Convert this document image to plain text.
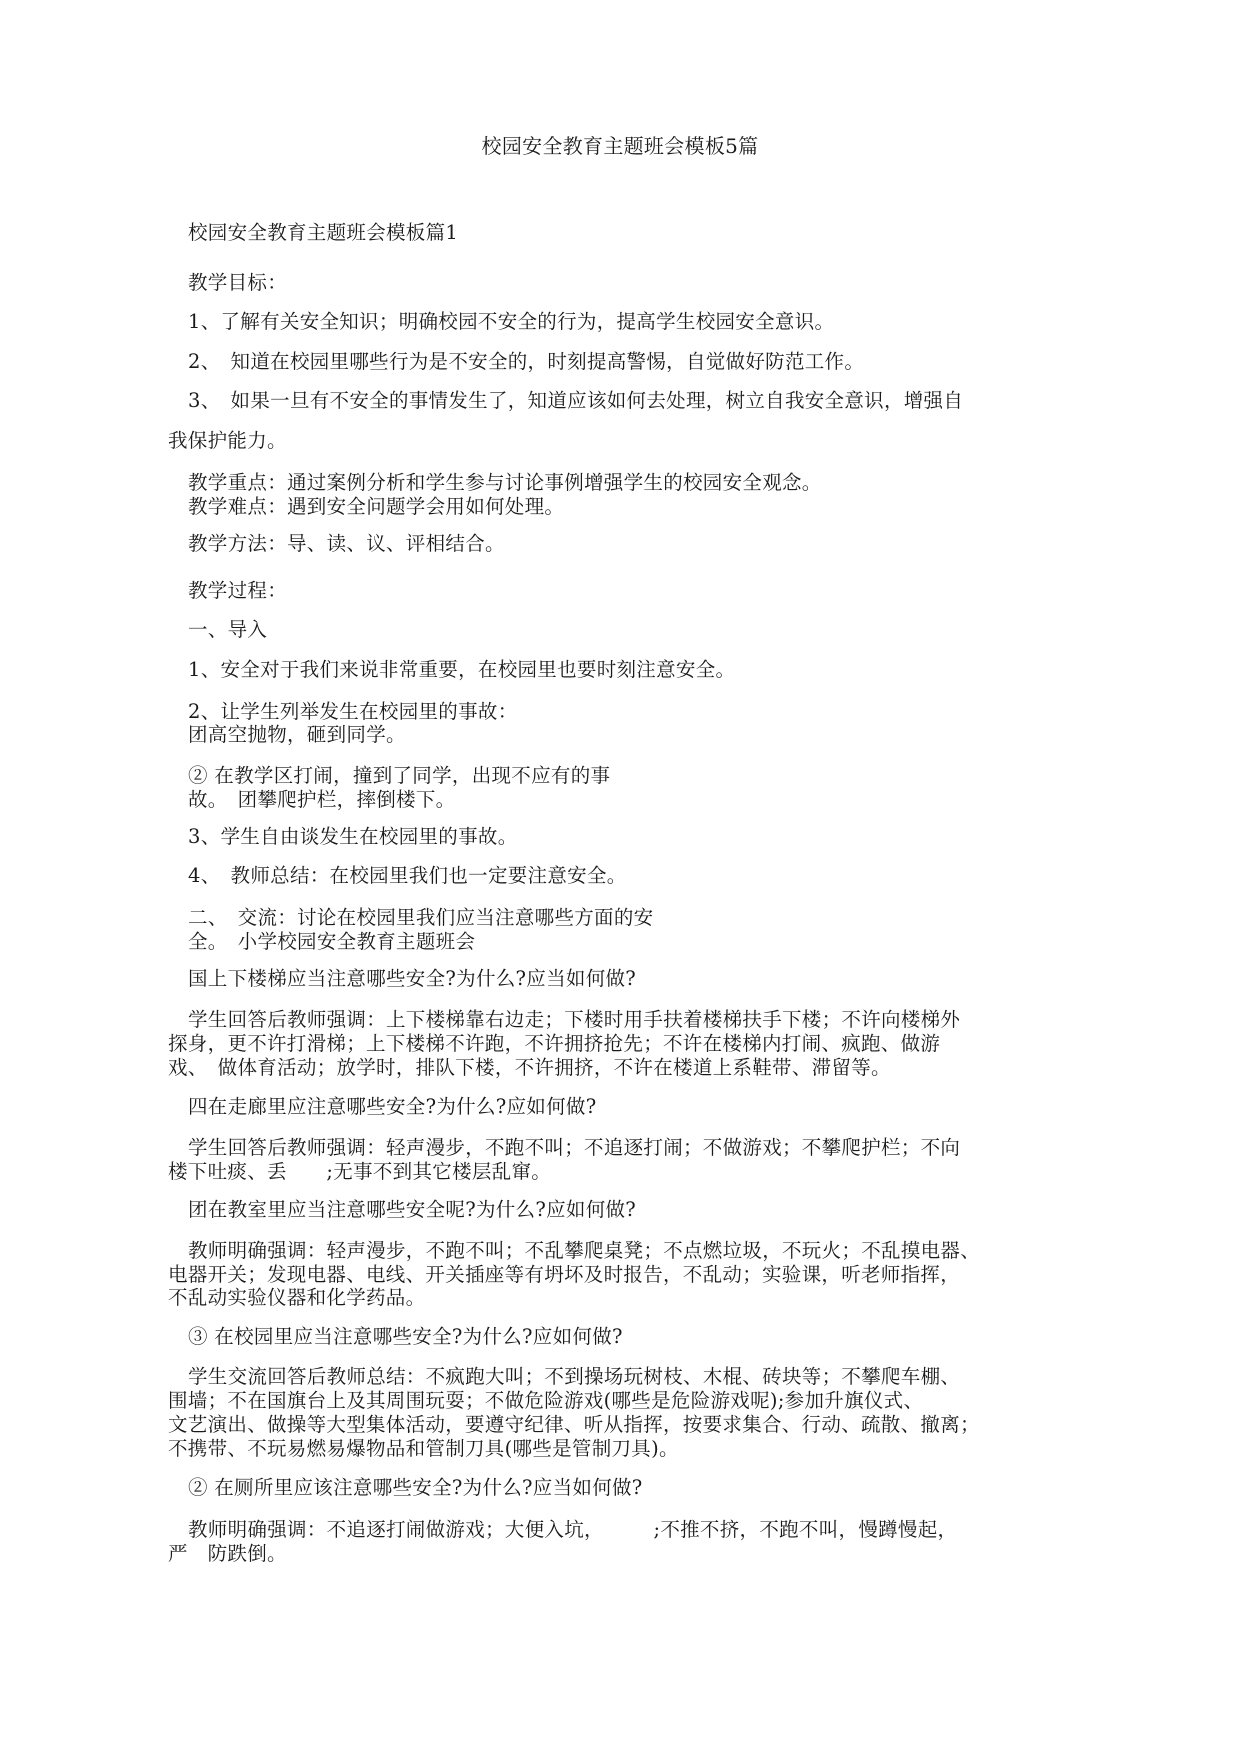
校园安全教育主题班会模板5篇
校园安全教育主题班会模板篇1
教学目标：
1、了解有关安全知识；明确校园不安全的行为，提高学生校园安全意识。
2、　知道在校园里哪些行为是不安全的，时刻提高警惕，自觉做好防范工作。
3、　如果一旦有不安全的事情发生了，知道应该如何去处理，树立自我安全意识，增强自
我保护能力。
教学重点：通过案例分析和学生参与讨论事例增强学生的校园安全观念。
教学难点：遇到安全问题学会用如何处理。
教学方法：导、读、议、评相结合。
教学过程：
一、导入
1、安全对于我们来说非常重要，在校园里也要时刻注意安全。
2、让学生列举发生在校园里的事故：
团高空抛物，砸到同学。
② 在教学区打闹，撞到了同学，出现不应有的事
故。　团攀爬护栏，摔倒楼下。
3、学生自由谈发生在校园里的事故。
4、　教师总结：在校园里我们也一定要注意安全。
二、　交流：讨论在校园里我们应当注意哪些方面的安
全。　小学校园安全教育主题班会
国上下楼梯应当注意哪些安全?为什么?应当如何做?
学生回答后教师强调：上下楼梯靠右边走；下楼时用手扶着楼梯扶手下楼；不许向楼梯外
探身，更不许打滑梯；上下楼梯不许跑，不许拥挤抢先；不许在楼梯内打闹、疯跑、做游
戏、　做体育活动；放学时，排队下楼，不许拥挤，不许在楼道上系鞋带、滞留等。
四在走廊里应注意哪些安全?为什么?应如何做?
学生回答后教师强调：轻声漫步，不跑不叫；不追逐打闹；不做游戏；不攀爬护栏；不向
楼下吐痰、丢　　;无事不到其它楼层乱窜。
团在教室里应当注意哪些安全呢?为什么?应如何做?
教师明确强调：轻声漫步，不跑不叫；不乱攀爬桌凳；不点燃垃圾，不玩火；不乱摸电器、
电器开关；发现电器、电线、开关插座等有坍坏及时报告，不乱动；实验课，听老师指挥，
不乱动实验仪器和化学药品。
③ 在校园里应当注意哪些安全?为什么?应如何做?
学生交流回答后教师总结：不疯跑大叫；不到操场玩树枝、木棍、砖块等；不攀爬车棚、
围墙；不在国旗台上及其周围玩耍；不做危险游戏(哪些是危险游戏呢);参加升旗仪式、
文艺演出、做操等大型集体活动，要遵守纪律、听从指挥，按要求集合、行动、疏散、撤离；
不携带、不玩易燃易爆物品和管制刀具(哪些是管制刀具)。
② 在厕所里应该注意哪些安全?为什么?应当如何做?
教师明确强调：不追逐打闹做游戏；大便入坑，　　　;不推不挤，不跑不叫，慢蹲慢起，
严　防跌倒。
